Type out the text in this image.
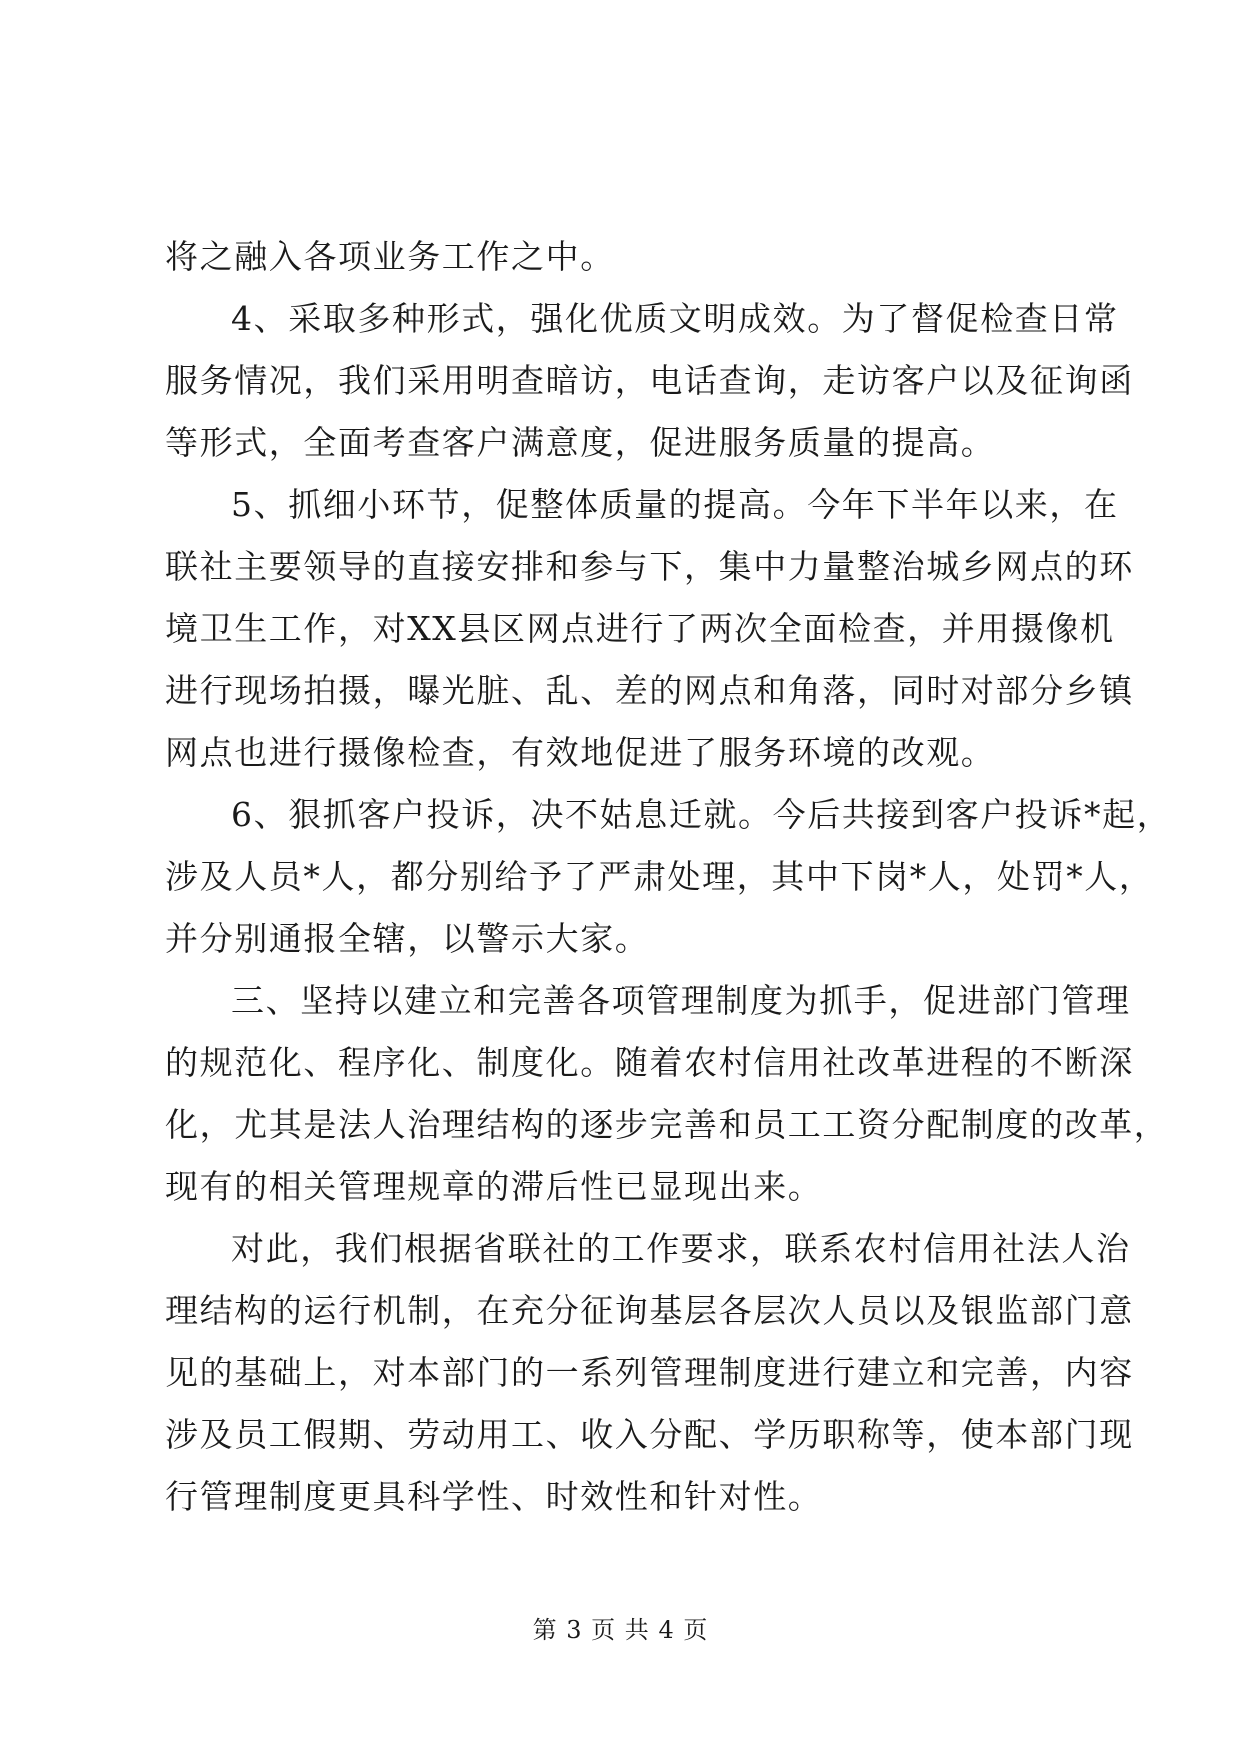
将之融入各项业务工作之中。
4、采取多种形式，强化优质文明成效。为了督促检查日常
服务情况，我们采用明查暗访，电话查询，走访客户以及征询函
等形式，全面考查客户满意度，促进服务质量的提高。
5、抓细小环节，促整体质量的提高。今年下半年以来，在
联社主要领导的直接安排和参与下，集中力量整治城乡网点的环
境卫生工作，对XX县区网点进行了两次全面检查，并用摄像机
进行现场拍摄，曝光脏、乱、差的网点和角落，同时对部分乡镇
网点也进行摄像检查，有效地促进了服务环境的改观。
6、狠抓客户投诉，决不姑息迁就。今后共接到客户投诉*起，
涉及人员*人，都分别给予了严肃处理，其中下岗*人，处罚*人，
并分别通报全辖，以警示大家。
三、坚持以建立和完善各项管理制度为抓手，促进部门管理
的规范化、程序化、制度化。随着农村信用社改革进程的不断深
化，尤其是法人治理结构的逐步完善和员工工资分配制度的改革，
现有的相关管理规章的滞后性已显现出来。
对此，我们根据省联社的工作要求，联系农村信用社法人治
理结构的运行机制，在充分征询基层各层次人员以及银监部门意
见的基础上，对本部门的一系列管理制度进行建立和完善，内容
涉及员工假期、劳动用工、收入分配、学历职称等，使本部门现
行管理制度更具科学性、时效性和针对性。
第 3 页 共 4 页
